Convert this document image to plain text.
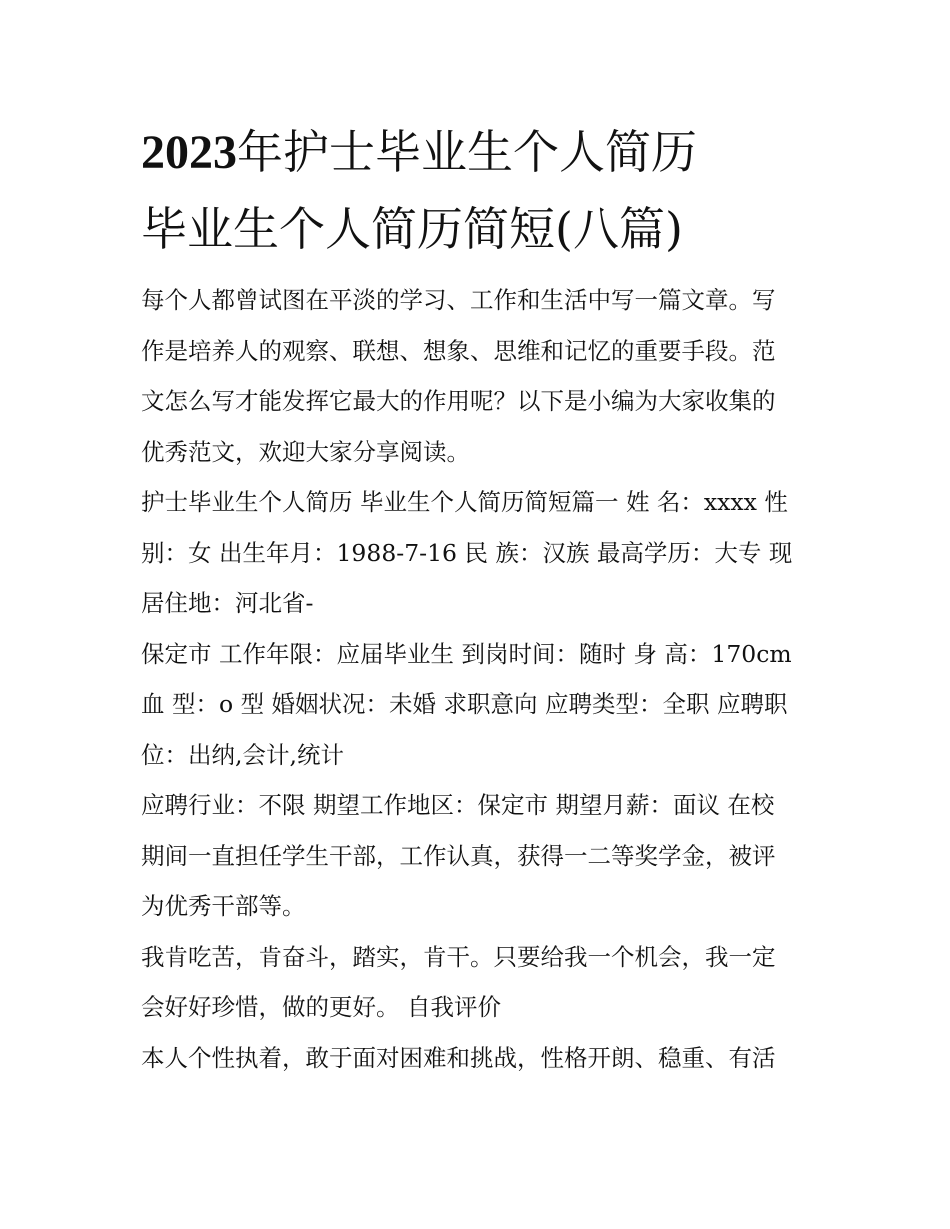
2023年护士毕业生个人简历
毕业生个人简历简短(八篇)
每个人都曾试图在平淡的学习、工作和生活中写一篇文章。写
作是培养人的观察、联想、想象、思维和记忆的重要手段。范
文怎么写才能发挥它最大的作用呢？以下是小编为大家收集的
优秀范文，欢迎大家分享阅读。
护士毕业生个人简历 毕业生个人简历简短篇一 姓 名：xxxx 性
别：女 出生年月：1988-7-16 民 族：汉族 最高学历：大专 现
居住地：河北省-
保定市 工作年限：应届毕业生 到岗时间：随时 身 高：170cm
血 型：o 型 婚姻状况：未婚 求职意向 应聘类型：全职 应聘职
位：出纳,会计,统计
应聘行业：不限 期望工作地区：保定市 期望月薪：面议 在校
期间一直担任学生干部，工作认真，获得一二等奖学金，被评
为优秀干部等。
我肯吃苦，肯奋斗，踏实，肯干。只要给我一个机会，我一定
会好好珍惜，做的更好。 自我评价
本人个性执着，敢于面对困难和挑战，性格开朗、稳重、有活
